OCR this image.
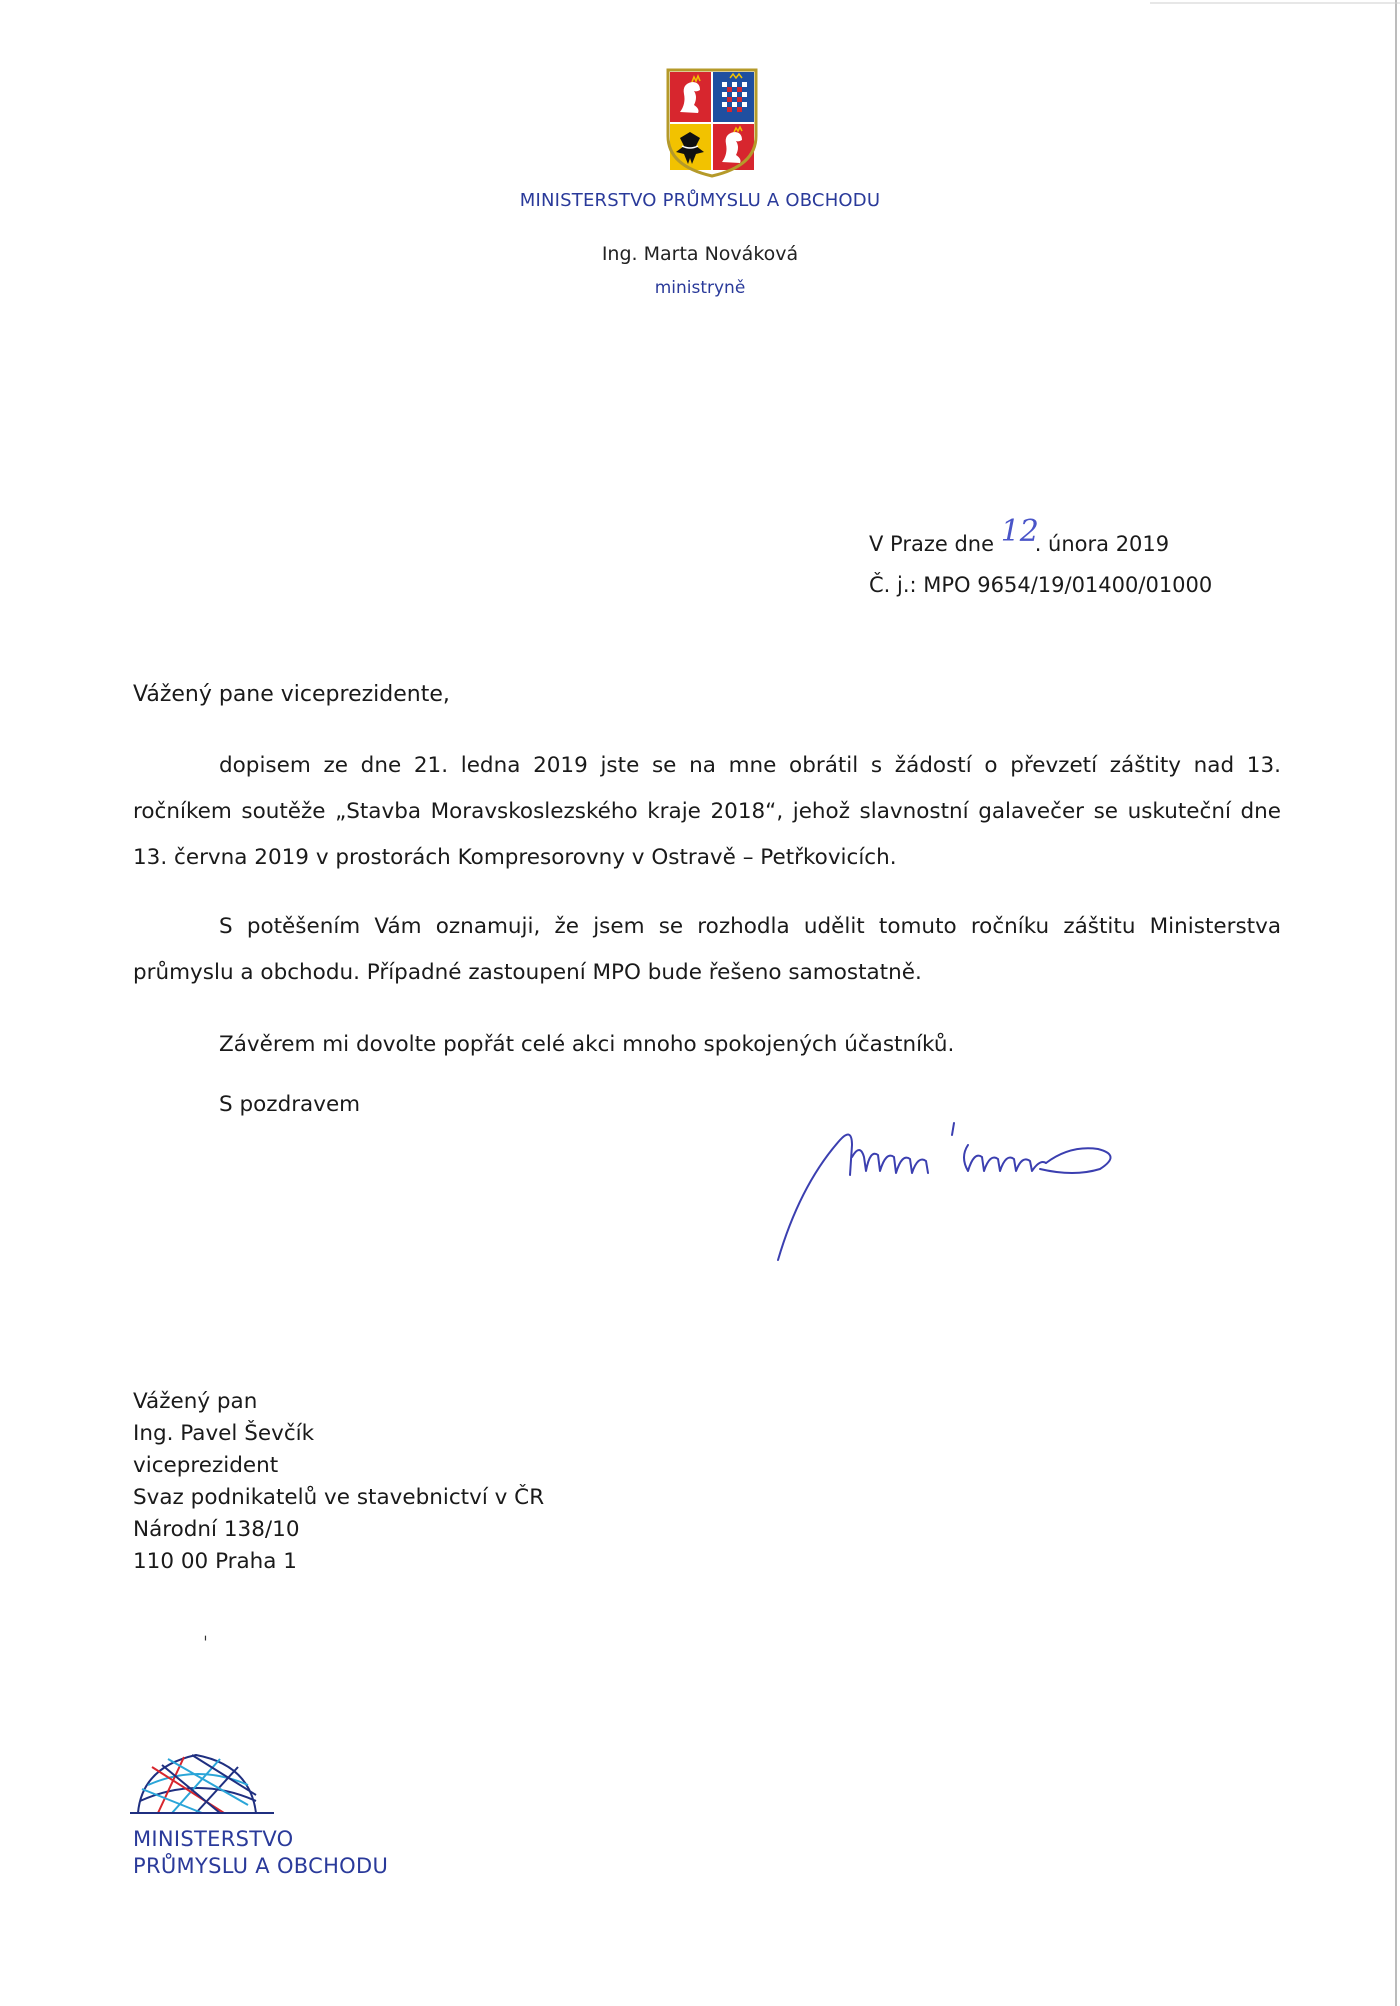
MINISTERSTVO PRŮMYSLU A OBCHODU
Ing. Marta Nováková
ministryně
V Praze dne 12. února 2019
Č. j.: MPO 9654/19/01400/01000
Vážený pane viceprezidente,
dopisem ze dne 21. ledna 2019 jste se na mne obrátil s žádostí o převzetí záštity nad 13. ročníkem soutěže „Stavba Moravskoslezského kraje 2018“, jehož slavnostní galavečer se uskuteční dne 13. června 2019 v prostorách Kompresorovny v Ostravě – Petřkovicích.
S potěšením Vám oznamuji, že jsem se rozhodla udělit tomuto ročníku záštitu Ministerstva průmyslu a obchodu. Případné zastoupení MPO bude řešeno samostatně.
Závěrem mi dovolte popřát celé akci mnoho spokojených účastníků.
S pozdravem
Vážený pan
Ing. Pavel Ševčík
viceprezident
Svaz podnikatelů ve stavebnictví v ČR
Národní 138/10
110 00 Praha 1
ˌ
MINISTERSTVO
PRŮMYSLU A OBCHODU
